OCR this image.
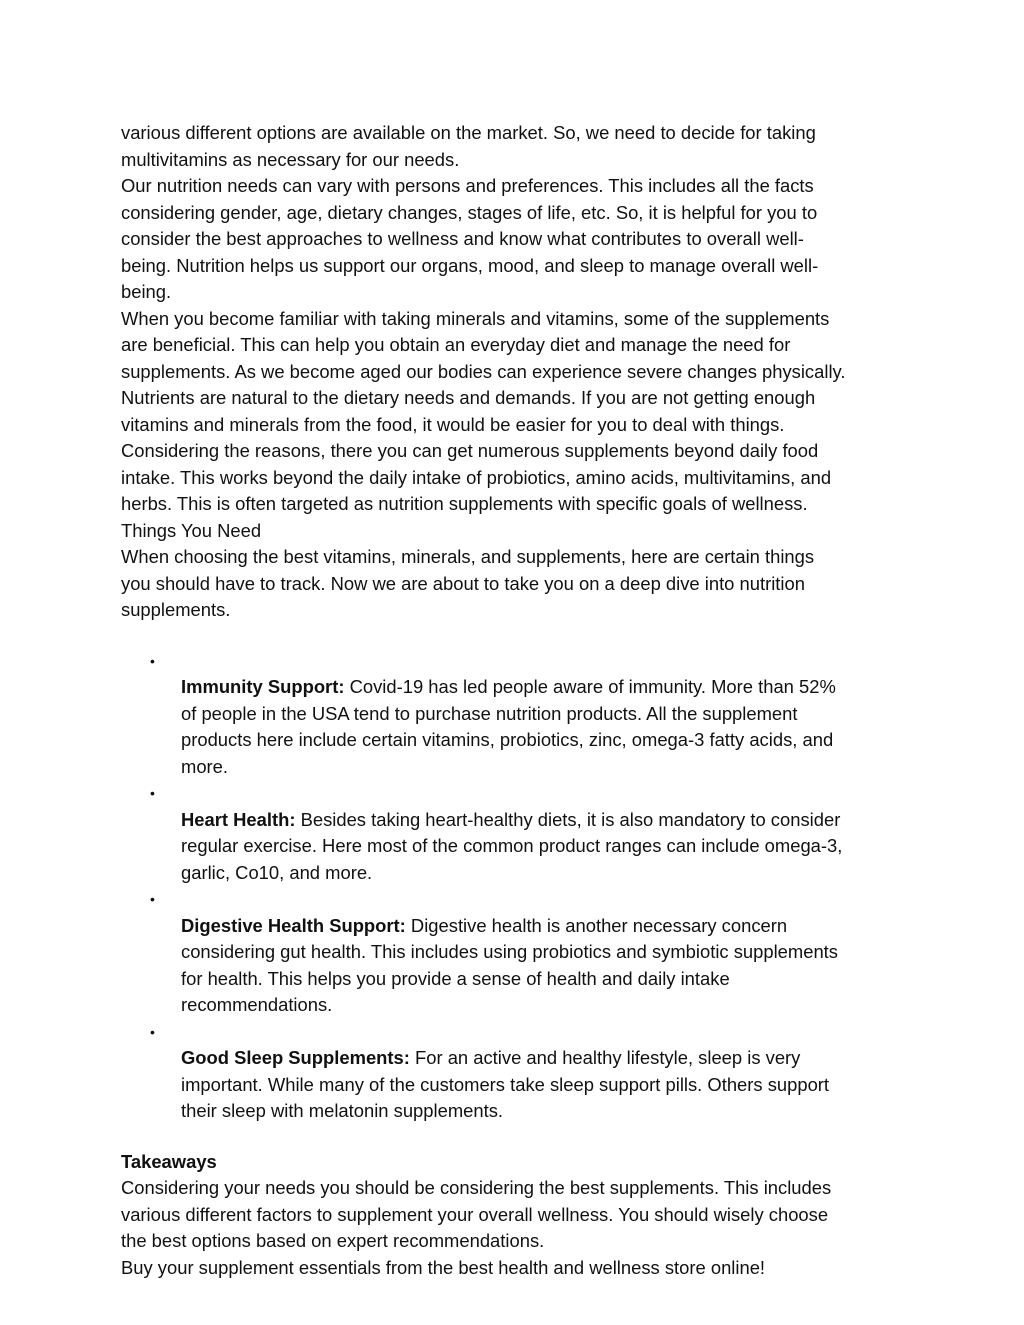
various different options are available on the market. So, we need to decide for taking
multivitamins as necessary for our needs.

Our nutrition needs can vary with persons and preferences. This includes all the facts
considering gender, age, dietary changes, stages of life, etc. So, it is helpful for you to
consider the best approaches to wellness and know what contributes to overall well-
being. Nutrition helps us support our organs, mood, and sleep to manage overall well-
being.

When you become familiar with taking minerals and vitamins, some of the supplements
are beneficial. This can help you obtain an everyday diet and manage the need for
supplements. As we become aged our bodies can experience severe changes physically.
Nutrients are natural to the dietary needs and demands. If you are not getting enough
vitamins and minerals from the food, it would be easier for you to deal with things.
Considering the reasons, there you can get numerous supplements beyond daily food
intake. This works beyond the daily intake of probiotics, amino acids, multivitamins, and
herbs. This is often targeted as nutrition supplements with specific goals of wellness.

Things You Need

When choosing the best vitamins, minerals, and supplements, here are certain things
you should have to track. Now we are about to take you on a deep dive into nutrition
supplements.

•
Immunity Support: Covid-19 has led people aware of immunity. More than 52%
of people in the USA tend to purchase nutrition products. All the supplement
products here include certain vitamins, probiotics, zinc, omega-3 fatty acids, and
more.

•
Heart Health: Besides taking heart-healthy diets, it is also mandatory to consider
regular exercise. Here most of the common product ranges can include omega-3,
garlic, Co10, and more.

•
Digestive Health Support: Digestive health is another necessary concern
considering gut health. This includes using probiotics and symbiotic supplements
for health. This helps you provide a sense of health and daily intake
recommendations.

•
Good Sleep Supplements: For an active and healthy lifestyle, sleep is very
important. While many of the customers take sleep support pills. Others support
their sleep with melatonin supplements.

Takeaways

Considering your needs you should be considering the best supplements. This includes
various different factors to supplement your overall wellness. You should wisely choose
the best options based on expert recommendations.

Buy your supplement essentials from the best health and wellness store online!
